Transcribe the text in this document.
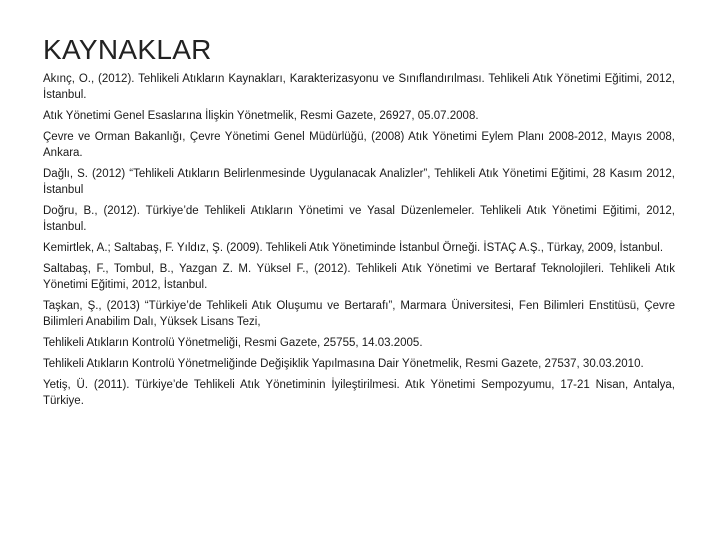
KAYNAKLAR
Akınç, O., (2012). Tehlikeli Atıkların Kaynakları, Karakterizasyonu ve Sınıflandırılması. Tehlikeli Atık Yönetimi Eğitimi, 2012, İstanbul.
Atık Yönetimi Genel Esaslarına İlişkin Yönetmelik, Resmi Gazete, 26927, 05.07.2008.
Çevre ve Orman Bakanlığı, Çevre Yönetimi Genel Müdürlüğü, (2008) Atık Yönetimi Eylem Planı 2008-2012, Mayıs 2008, Ankara.
Dağlı, S. (2012) “Tehlikeli Atıkların Belirlenmesinde Uygulanacak Analizler”, Tehlikeli Atık Yönetimi Eğitimi, 28 Kasım 2012, İstanbul
Doğru, B., (2012). Türkiye’de Tehlikeli Atıkların Yönetimi ve Yasal Düzenlemeler. Tehlikeli Atık Yönetimi Eğitimi, 2012, İstanbul.
Kemirtlek, A.; Saltabaş, F. Yıldız, Ş. (2009). Tehlikeli Atık Yönetiminde İstanbul Örneği. İSTAÇ A.Ş., Türkay, 2009, İstanbul.
Saltabaş, F., Tombul, B., Yazgan Z. M. Yüksel F., (2012). Tehlikeli Atık Yönetimi ve Bertaraf Teknolojileri. Tehlikeli Atık Yönetimi Eğitimi, 2012, İstanbul.
Taşkan, Ş., (2013) “Türkiye’de Tehlikeli Atık Oluşumu ve Bertarafı”, Marmara Üniversitesi, Fen Bilimleri Enstitüsü, Çevre Bilimleri Anabilim Dalı, Yüksek Lisans Tezi,
Tehlikeli Atıkların Kontrolü Yönetmeliği, Resmi Gazete, 25755, 14.03.2005.
Tehlikeli Atıkların Kontrolü Yönetmeliğinde Değişiklik Yapılmasına Dair Yönetmelik, Resmi Gazete, 27537, 30.03.2010.
Yetiş, Ü. (2011). Türkiye’de Tehlikeli Atık Yönetiminin İyileştirilmesi. Atık Yönetimi Sempozyumu, 17-21 Nisan, Antalya, Türkiye.
